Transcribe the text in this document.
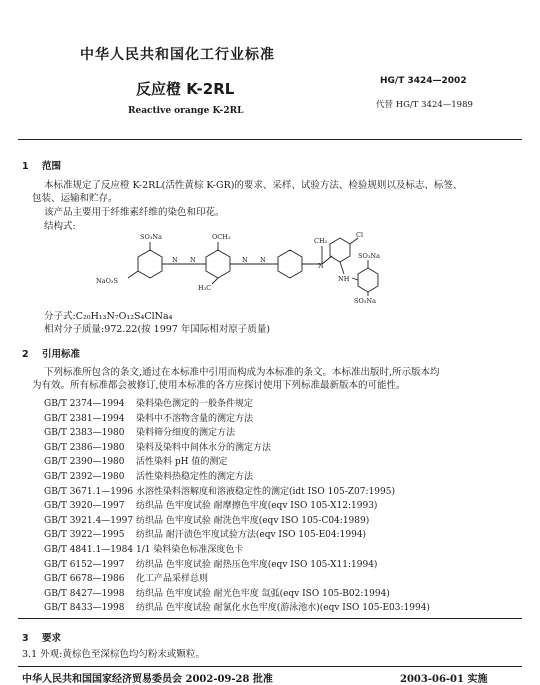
中华人民共和国化工行业标准
HG/T 3424—2002
反应橙 K-2RL
Reactive orange K-2RL
代替 HG/T 3424—1989
1 范围
本标准规定了反应橙 K-2RL(活性黄棕 K-GR)的要求、采样、试验方法、检验规则以及标志、标签、
包装、运输和贮存。
该产品主要用于纤维素纤维的染色和印花。
结构式:
N N	N N
N
SO₃Na	OCH₃	CH₃
Cl
NaO₃S
H₃C
SO₃Na
NH
SO₃Na
分子式:C₂₀H₁₃N₇O₁₂S₄ClNa₄
相对分子质量:972.22(按 1997 年国际相对原子质量)
2 引用标准
下列标准所包含的条文,通过在本标准中引用而构成为本标准的条文。本标准出版时,所示版本均
为有效。所有标准都会被修订,使用本标准的各方应探讨使用下列标准最新版本的可能性。
GB/T 2374—1994 染料染色测定的一般条件规定
GB/T 2381—1994 染料中不溶物含量的测定方法
GB/T 2383—1980 染料筛分细度的测定方法
GB/T 2386—1980 染料及染料中间体水分的测定方法
GB/T 2390—1980 活性染料 pH 值的测定
GB/T 2392—1980 活性染料热稳定性的测定方法
GB/T 3671.1—1996 水溶性染料溶解度和溶液稳定性的测定(idt ISO 105-Z07:1995)
GB/T 3920—1997 纺织品 色牢度试验 耐摩擦色牢度(eqv ISO 105-X12:1993)
GB/T 3921.4—1997 纺织品 色牢度试验 耐洗色牢度(eqv ISO 105-C04:1989)
GB/T 3922—1995 纺织品 耐汗渍色牢度试验方法(eqv ISO 105-E04:1994)
GB/T 4841.1—1984 1/1 染料染色标准深度色卡
GB/T 6152—1997 纺织品 色牢度试验 耐热压色牢度(eqv ISO 105-X11:1994)
GB/T 6678—1986 化工产品采样总则
GB/T 8427—1998 纺织品 色牢度试验 耐光色牢度 氙弧(eqv ISO 105-B02:1994)
GB/T 8433—1998 纺织品 色牢度试验 耐氯化水色牢度(游泳池水)(eqv ISO 105-E03:1994)
3 要求
3.1 外观:黄棕色至深棕色均匀粉末或颗粒。
中华人民共和国国家经济贸易委员会 2002-09-28 批准	2003-06-01 实施
